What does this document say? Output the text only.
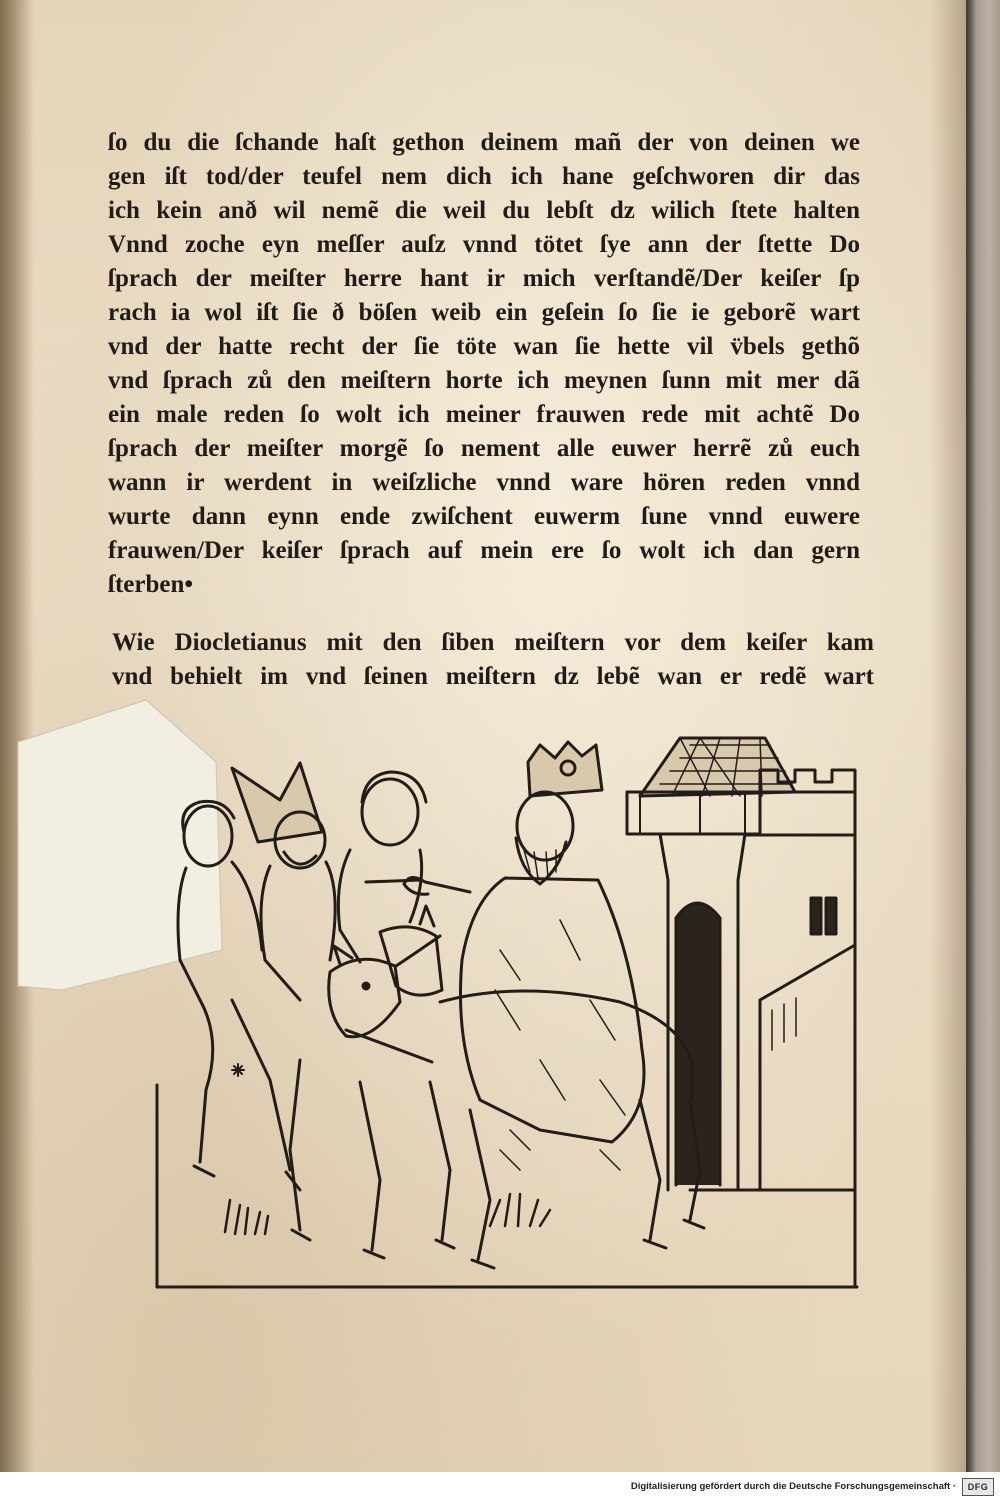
ſo du die ſchande haſt gethon deinem mañ der von deinen we
gen iſt tod/der teufel nem dich ich hane geſchworen dir das
ich kein anð wil nemẽ die weil du lebſt dz wilich ſtete halten
Vnnd zoche eyn meſſer auſz vnnd tötet ſye ann der ſtette Do
ſprach der meiſter herre hant ir mich verſtandẽ/Der keiſer ſp
rach ia wol iſt ſie ð böſen weib ein geſein ſo ſie ie geborẽ wart
vnd der hatte recht der ſie töte wan ſie hette vil v̈bels gethõ
vnd ſprach zů den meiſtern horte ich meynen ſunn mit mer dã
ein male reden ſo wolt ich meiner frauwen rede mit achtẽ Do
ſprach der meiſter morgẽ ſo nement alle euwer herrẽ zů euch
wann ir werdent in weiſzliche vnnd ware hören reden vnnd
wurte dann eynn ende zwiſchent euwerm ſune vnnd euwere
frauwen/Der keiſer ſprach auf mein ere ſo wolt ich dan gern
ſterben•
Wie Diocletianus mit den ſiben meiſtern vor dem keiſer kam
vnd behielt im vnd ſeinen meiſtern dz lebẽ wan er redẽ wart
Digitalisierung gefördert durch die Deutsche Forschungsgemeinschaft ·	DFG
